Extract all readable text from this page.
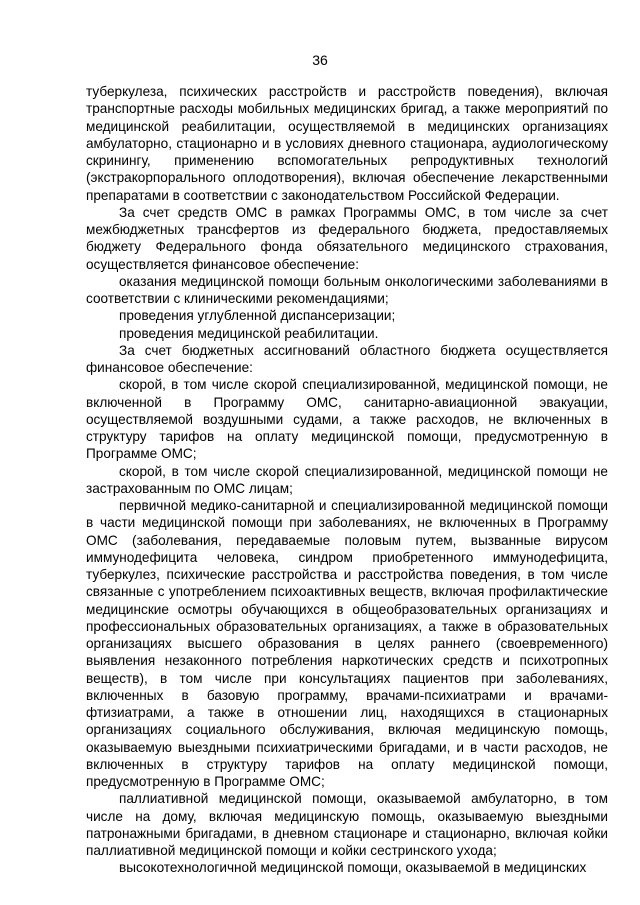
36

туберкулеза, психических расстройств и расстройств поведения), включая транспортные расходы мобильных медицинских бригад, а также мероприятий по медицинской реабилитации, осуществляемой в медицинских организациях амбулаторно, стационарно и в условиях дневного стационара, аудиологическому скринингу, применению вспомогательных репродуктивных технологий (экстракорпорального оплодотворения), включая обеспечение лекарственными препаратами в соответствии с законодательством Российской Федерации.

За счет средств ОМС в рамках Программы ОМС, в том числе за счет межбюджетных трансфертов из федерального бюджета, предоставляемых бюджету Федерального фонда обязательного медицинского страхования, осуществляется финансовое обеспечение:

оказания медицинской помощи больным онкологическими заболеваниями в соответствии с клиническими рекомендациями;

проведения углубленной диспансеризации;

проведения медицинской реабилитации.

За счет бюджетных ассигнований областного бюджета осуществляется финансовое обеспечение:

скорой, в том числе скорой специализированной, медицинской помощи, не включенной в Программу ОМС, санитарно-авиационной эвакуации, осуществляемой воздушными судами, а также расходов, не включенных в структуру тарифов на оплату медицинской помощи, предусмотренную в Программе ОМС;

скорой, в том числе скорой специализированной, медицинской помощи не застрахованным по ОМС лицам;

первичной медико-санитарной и специализированной медицинской помощи в части медицинской помощи при заболеваниях, не включенных в Программу ОМС (заболевания, передаваемые половым путем, вызванные вирусом иммунодефицита человека, синдром приобретенного иммунодефицита, туберкулез, психические расстройства и расстройства поведения, в том числе связанные с употреблением психоактивных веществ, включая профилактические медицинские осмотры обучающихся в общеобразовательных организациях и профессиональных образовательных организациях, а также в образовательных организациях высшего образования в целях раннего (своевременного) выявления незаконного потребления наркотических средств и психотропных веществ), в том числе при консультациях пациентов при заболеваниях, включенных в базовую программу, врачами-психиатрами и врачами-фтизиатрами, а также в отношении лиц, находящихся в стационарных организациях социального обслуживания, включая медицинскую помощь, оказываемую выездными психиатрическими бригадами, и в части расходов, не включенных в структуру тарифов на оплату медицинской помощи, предусмотренную в Программе ОМС;

паллиативной медицинской помощи, оказываемой амбулаторно, в том числе на дому, включая медицинскую помощь, оказываемую выездными патронажными бригадами, в дневном стационаре и стационарно, включая койки паллиативной медицинской помощи и койки сестринского ухода;

высокотехнологичной медицинской помощи, оказываемой в медицинских
